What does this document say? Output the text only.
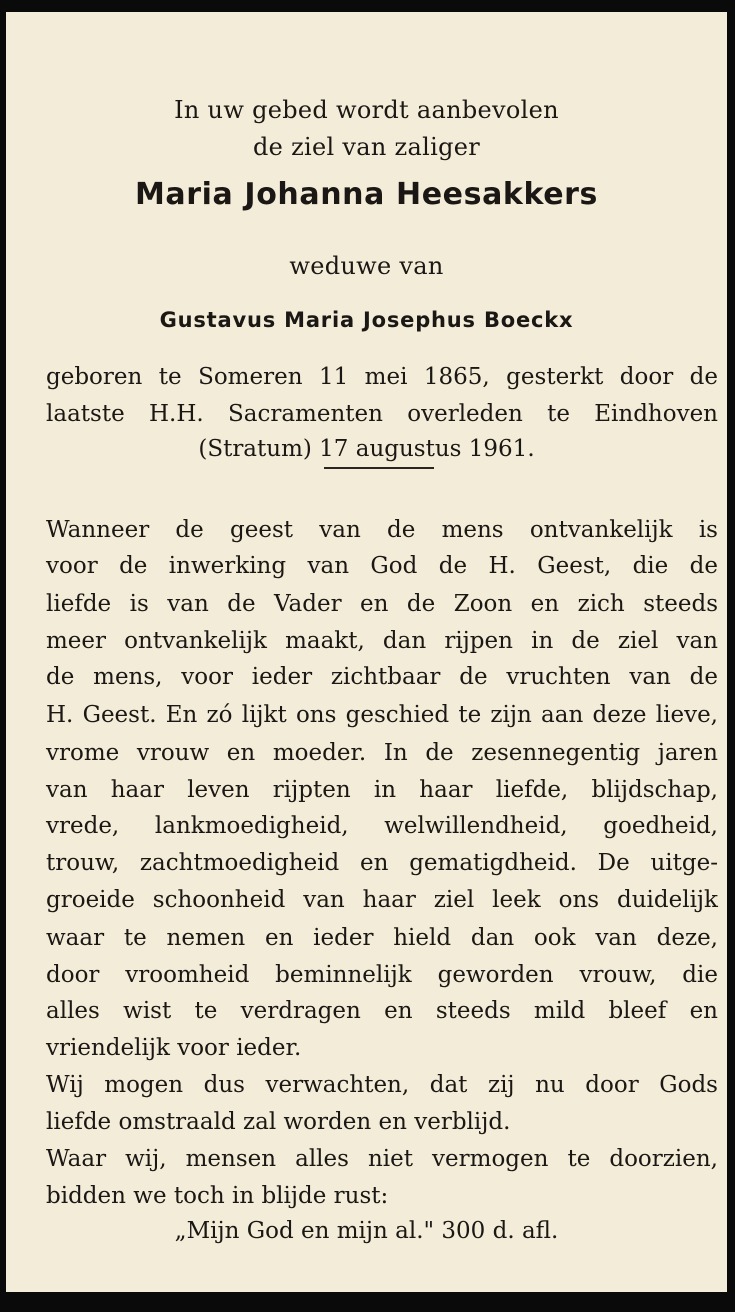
In uw gebed wordt aanbevolen
de ziel van zaliger
Maria Johanna Heesakkers
weduwe van
Gustavus Maria Josephus Boeckx
geboren te Someren 11 mei 1865, gesterkt door de
laatste H.H. Sacramenten overleden te Eindhoven
(Stratum) 17 augustus 1961.
Wanneer de geest van de mens ontvankelijk is
voor de inwerking van God de H. Geest, die de
liefde is van de Vader en de Zoon en zich steeds
meer ontvankelijk maakt, dan rijpen in de ziel van
de mens, voor ieder zichtbaar de vruchten van de
H. Geest. En zó lijkt ons geschied te zijn aan deze lieve,
vrome vrouw en moeder. In de zesennegentig jaren
van haar leven rijpten in haar liefde, blijdschap,
vrede, lankmoedigheid, welwillendheid, goedheid,
trouw, zachtmoedigheid en gematigdheid. De uitge-
groeide schoonheid van haar ziel leek ons duidelijk
waar te nemen en ieder hield dan ook van deze,
door vroomheid beminnelijk geworden vrouw, die
alles wist te verdragen en steeds mild bleef en
vriendelijk voor ieder.
Wij mogen dus verwachten, dat zij nu door Gods
liefde omstraald zal worden en verblijd.
Waar wij, mensen alles niet vermogen te doorzien,
bidden we toch in blijde rust:
„Mijn God en mijn al." 300 d. afl.
